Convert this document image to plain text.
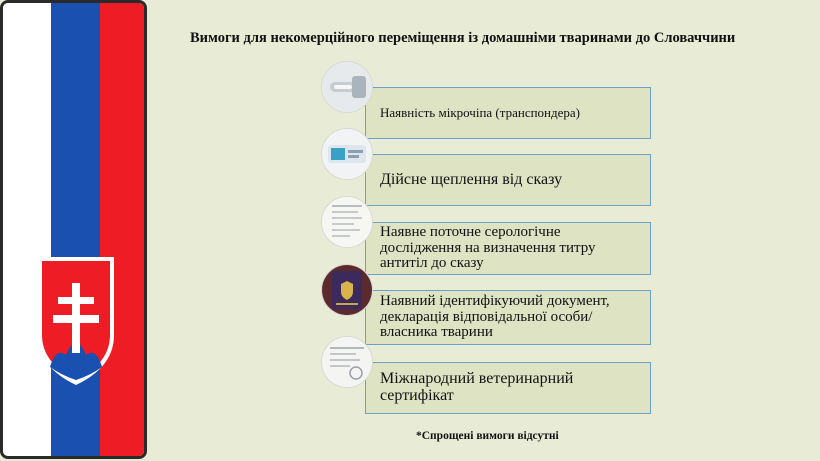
Вимоги для некомерційного переміщення із домашніми тваринами до Словаччини
Наявність мікрочіпа (транспондера)
Дійсне щеплення від сказу
Наявне поточне серологічне дослідження на визначення титру антитіл до сказу
Наявний ідентифікуючий документ, декларація відповідальної особи/власника тварини
Міжнародний ветеринарний сертифікат
*Спрощені вимоги відсутні
